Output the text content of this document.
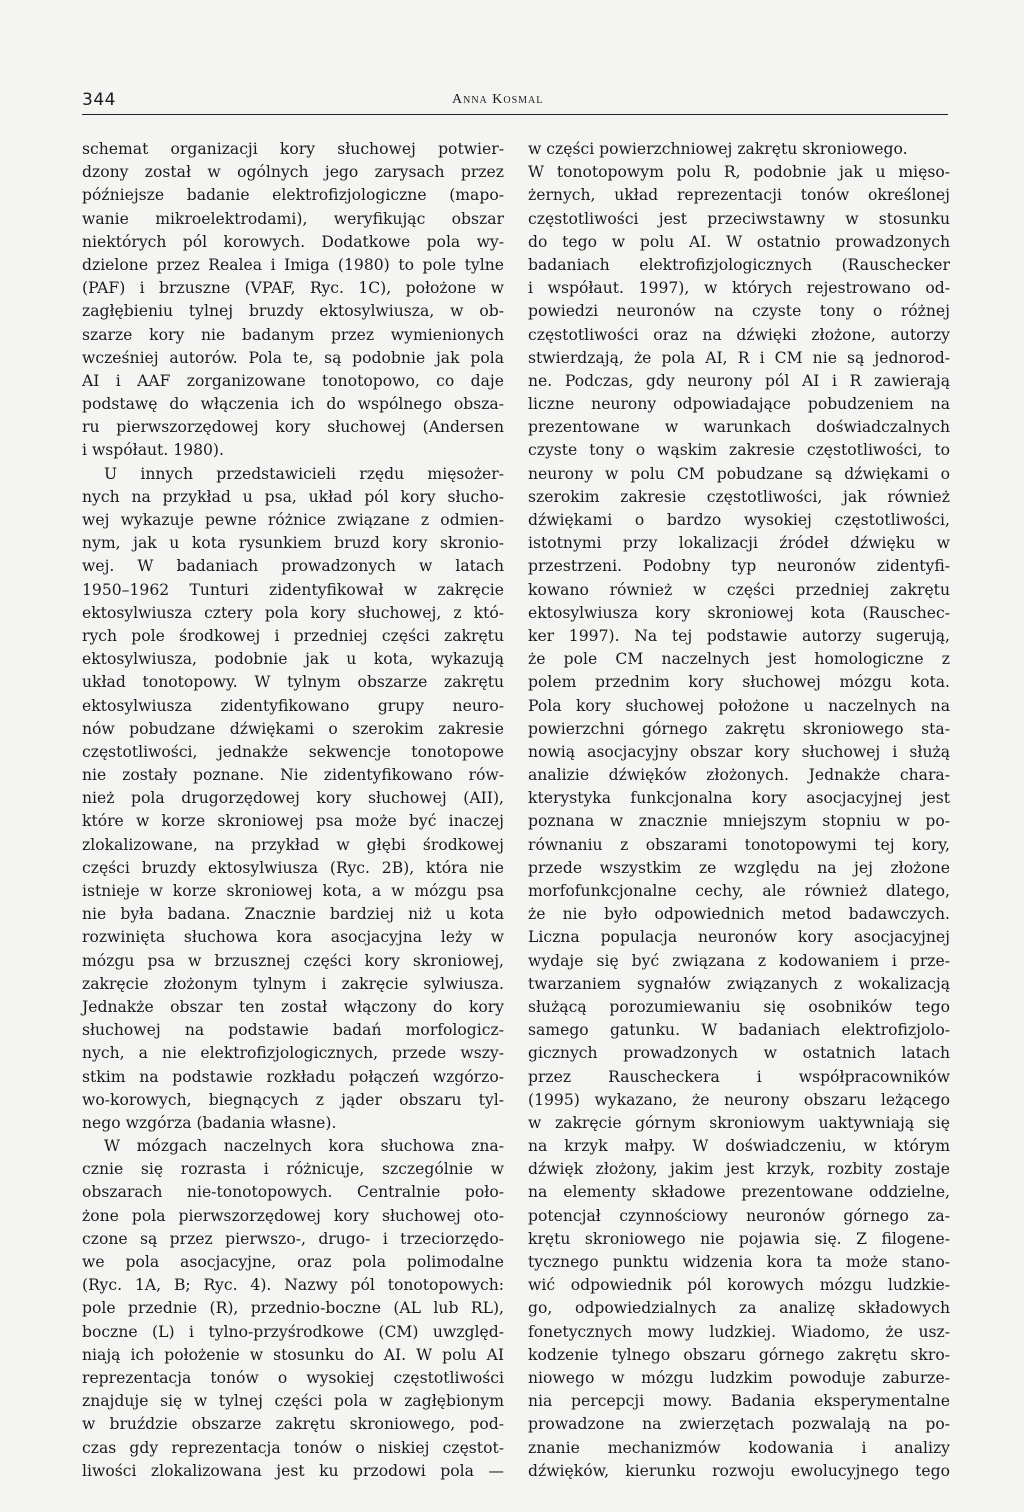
344	Anna Kosmal
schemat organizacji kory słuchowej potwier-
dzony został w ogólnych jego zarysach przez
późniejsze badanie elektrofizjologiczne (mapo-
wanie mikroelektrodami), weryfikując obszar
niektórych pól korowych. Dodatkowe pola wy-
dzielone przez Realea i Imiga (1980) to pole tylne
(PAF) i brzuszne (VPAF, Ryc. 1C), położone w
zagłębieniu tylnej bruzdy ektosylwiusza, w ob-
szarze kory nie badanym przez wymienionych
wcześniej autorów. Pola te, są podobnie jak pola
AI i AAF zorganizowane tonotopowo, co daje
podstawę do włączenia ich do wspólnego obsza-
ru pierwszorzędowej kory słuchowej (Andersen
i współaut. 1980).
U innych przedstawicieli rzędu mięsożer-
nych na przykład u psa, układ pól kory słucho-
wej wykazuje pewne różnice związane z odmien-
nym, jak u kota rysunkiem bruzd kory skronio-
wej. W badaniach prowadzonych w latach
1950–1962 Tunturi zidentyfikował w zakręcie
ektosylwiusza cztery pola kory słuchowej, z któ-
rych pole środkowej i przedniej części zakrętu
ektosylwiusza, podobnie jak u kota, wykazują
układ tonotopowy. W tylnym obszarze zakrętu
ektosylwiusza zidentyfikowano grupy neuro-
nów pobudzane dźwiękami o szerokim zakresie
częstotliwości, jednakże sekwencje tonotopowe
nie zostały poznane. Nie zidentyfikowano rów-
nież pola drugorzędowej kory słuchowej (AII),
które w korze skroniowej psa może być inaczej
zlokalizowane, na przykład w głębi środkowej
części bruzdy ektosylwiusza (Ryc. 2B), która nie
istnieje w korze skroniowej kota, a w mózgu psa
nie była badana. Znacznie bardziej niż u kota
rozwinięta słuchowa kora asocjacyjna leży w
mózgu psa w brzusznej części kory skroniowej,
zakręcie złożonym tylnym i zakręcie sylwiusza.
Jednakże obszar ten został włączony do kory
słuchowej na podstawie badań morfologicz-
nych, a nie elektrofizjologicznych, przede wszy-
stkim na podstawie rozkładu połączeń wzgórzo-
wo-korowych, biegnących z jąder obszaru tyl-
nego wzgórza (badania własne).
W mózgach naczelnych kora słuchowa zna-
cznie się rozrasta i różnicuje, szczególnie w
obszarach nie-tonotopowych. Centralnie poło-
żone pola pierwszorzędowej kory słuchowej oto-
czone są przez pierwszo-, drugo- i trzeciorzędo-
we pola asocjacyjne, oraz pola polimodalne
(Ryc. 1A, B; Ryc. 4). Nazwy pól tonotopowych:
pole przednie (R), przednio-boczne (AL lub RL),
boczne (L) i tylno-przyśrodkowe (CM) uwzględ-
niają ich położenie w stosunku do AI. W polu AI
reprezentacja tonów o wysokiej częstotliwości
znajduje się w tylnej części pola w zagłębionym
w bruździe obszarze zakrętu skroniowego, pod-
czas gdy reprezentacja tonów o niskiej częstot-
liwości zlokalizowana jest ku przodowi pola —
w części powierzchniowej zakrętu skroniowego.
W tonotopowym polu R, podobnie jak u mięso-
żernych, układ reprezentacji tonów określonej
częstotliwości jest przeciwstawny w stosunku
do tego w polu AI. W ostatnio prowadzonych
badaniach elektrofizjologicznych (Rauschecker
i współaut. 1997), w których rejestrowano od-
powiedzi neuronów na czyste tony o różnej
częstotliwości oraz na dźwięki złożone, autorzy
stwierdzają, że pola AI, R i CM nie są jednorod-
ne. Podczas, gdy neurony pól AI i R zawierają
liczne neurony odpowiadające pobudzeniem na
prezentowane w warunkach doświadczalnych
czyste tony o wąskim zakresie częstotliwości, to
neurony w polu CM pobudzane są dźwiękami o
szerokim zakresie częstotliwości, jak również
dźwiękami o bardzo wysokiej częstotliwości,
istotnymi przy lokalizacji źródeł dźwięku w
przestrzeni. Podobny typ neuronów zidentyfi-
kowano również w części przedniej zakrętu
ektosylwiusza kory skroniowej kota (Rauschec-
ker 1997). Na tej podstawie autorzy sugerują,
że pole CM naczelnych jest homologiczne z
polem przednim kory słuchowej mózgu kota.
Pola kory słuchowej położone u naczelnych na
powierzchni górnego zakrętu skroniowego sta-
nowią asocjacyjny obszar kory słuchowej i służą
analizie dźwięków złożonych. Jednakże chara-
kterystyka funkcjonalna kory asocjacyjnej jest
poznana w znacznie mniejszym stopniu w po-
równaniu z obszarami tonotopowymi tej kory,
przede wszystkim ze względu na jej złożone
morfofunkcjonalne cechy, ale również dlatego,
że nie było odpowiednich metod badawczych.
Liczna populacja neuronów kory asocjacyjnej
wydaje się być związana z kodowaniem i prze-
twarzaniem sygnałów związanych z wokalizacją
służącą porozumiewaniu się osobników tego
samego gatunku. W badaniach elektrofizjolo-
gicznych prowadzonych w ostatnich latach
przez Rauscheckera i współpracowników
(1995) wykazano, że neurony obszaru leżącego
w zakręcie górnym skroniowym uaktywniają się
na krzyk małpy. W doświadczeniu, w którym
dźwięk złożony, jakim jest krzyk, rozbity zostaje
na elementy składowe prezentowane oddzielne,
potencjał czynnościowy neuronów górnego za-
krętu skroniowego nie pojawia się. Z filogene-
tycznego punktu widzenia kora ta może stano-
wić odpowiednik pól korowych mózgu ludzkie-
go, odpowiedzialnych za analizę składowych
fonetycznych mowy ludzkiej. Wiadomo, że usz-
kodzenie tylnego obszaru górnego zakrętu skro-
niowego w mózgu ludzkim powoduje zaburze-
nia percepcji mowy. Badania eksperymentalne
prowadzone na zwierzętach pozwalają na po-
znanie mechanizmów kodowania i analizy
dźwięków, kierunku rozwoju ewolucyjnego tego
